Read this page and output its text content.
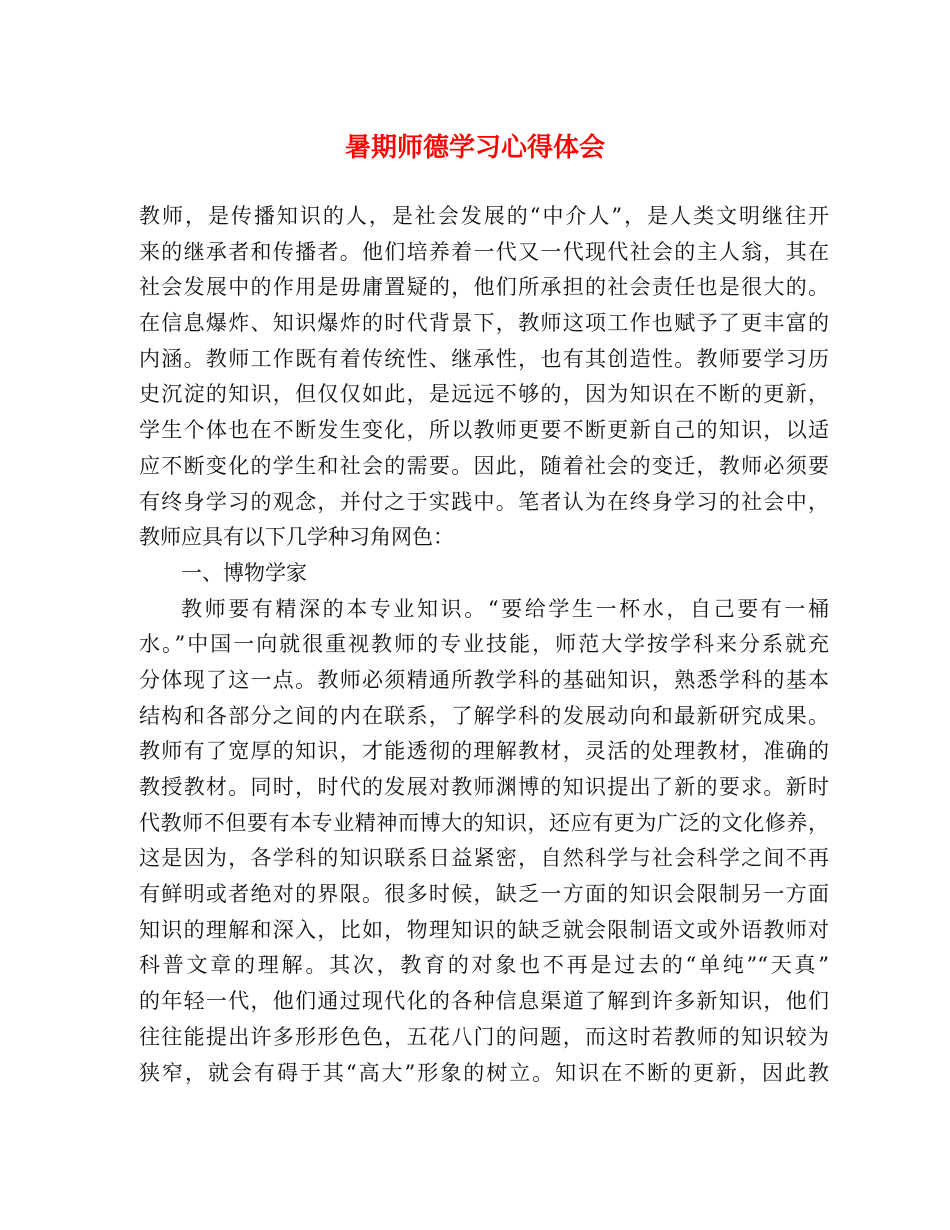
暑期师德学习心得体会
教师，是传播知识的人，是社会发展的“中介人”，是人类文明继往开
来的继承者和传播者。他们培养着一代又一代现代社会的主人翁，其在
社会发展中的作用是毋庸置疑的，他们所承担的社会责任也是很大的。
在信息爆炸、知识爆炸的时代背景下，教师这项工作也赋予了更丰富的
内涵。教师工作既有着传统性、继承性，也有其创造性。教师要学习历
史沉淀的知识，但仅仅如此，是远远不够的，因为知识在不断的更新，
学生个体也在不断发生变化，所以教师更要不断更新自己的知识，以适
应不断变化的学生和社会的需要。因此，随着社会的变迁，教师必须要
有终身学习的观念，并付之于实践中。笔者认为在终身学习的社会中，
教师应具有以下几学种习角网色：
一、博物学家
教师要有精深的本专业知识。“要给学生一杯水，自己要有一桶
水。”中国一向就很重视教师的专业技能，师范大学按学科来分系就充
分体现了这一点。教师必须精通所教学科的基础知识，熟悉学科的基本
结构和各部分之间的内在联系，了解学科的发展动向和最新研究成果。
教师有了宽厚的知识，才能透彻的理解教材，灵活的处理教材，准确的
教授教材。同时，时代的发展对教师渊博的知识提出了新的要求。新时
代教师不但要有本专业精神而博大的知识，还应有更为广泛的文化修养，
这是因为，各学科的知识联系日益紧密，自然科学与社会科学之间不再
有鲜明或者绝对的界限。很多时候，缺乏一方面的知识会限制另一方面
知识的理解和深入，比如，物理知识的缺乏就会限制语文或外语教师对
科普文章的理解。其次，教育的对象也不再是过去的“单纯”“天真”
的年轻一代，他们通过现代化的各种信息渠道了解到许多新知识，他们
往往能提出许多形形色色，五花八门的问题，而这时若教师的知识较为
狭窄，就会有碍于其“高大”形象的树立。知识在不断的更新，因此教
